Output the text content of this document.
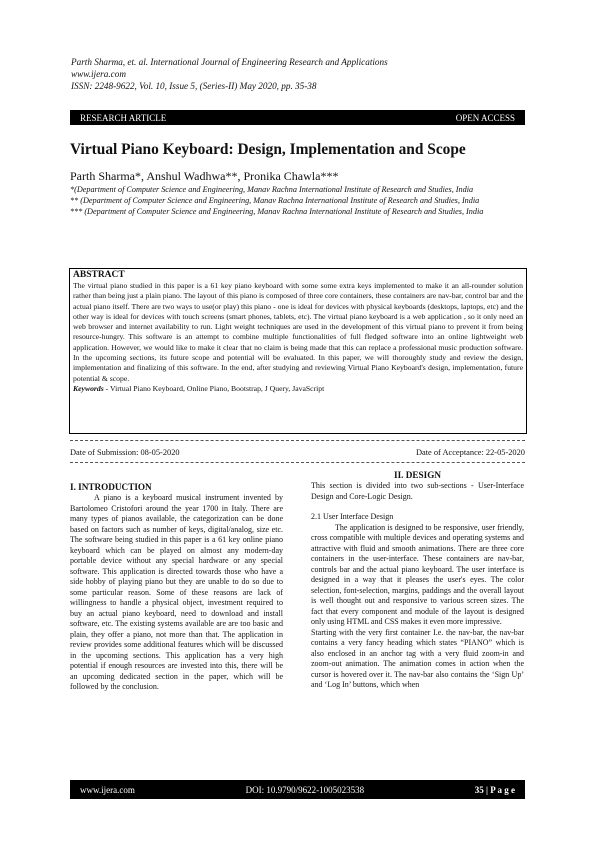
Parth Sharma, et. al. International Journal of Engineering Research and Applications
www.ijera.com
ISSN: 2248-9622, Vol. 10, Issue 5, (Series-II) May 2020, pp. 35-38
RESEARCH ARTICLE	OPEN ACCESS
Virtual Piano Keyboard: Design, Implementation and Scope
Parth Sharma*, Anshul Wadhwa**, Pronika Chawla***
*(Department of Computer Science and Engineering, Manav Rachna International Institute of Research and Studies, India
** (Department of Computer Science and Engineering, Manav Rachna International Institute of Research and Studies, India
*** (Department of Computer Science and Engineering, Manav Rachna International Institute of Research and Studies, India
ABSTRACT
The virtual piano studied in this paper is a 61 key piano keyboard with some some extra keys implemented to make it an all-rounder solution rather than being just a plain piano. The layout of this piano is composed of three core containers, these containers are nav-bar, control bar and the actual piano itself. There are two ways to use(or play) this piano - one is ideal for devices with physical keyboards (desktops, laptops, etc) and the other way is ideal for devices with touch screens (smart phones, tablets, etc). The virtual piano keyboard is a web application , so it only need an web browser and internet availability to run. Light weight techniques are used in the development of this virtual piano to prevent it from being resource-hungry. This software is an attempt to combine multiple functionalities of full fledged software into an online lightweight web application. However, we would like to make it clear that no claim is being made that this can replace a professional music production software. In the upcoming sections, its future scope and potential will be evaluated. In this paper, we will thoroughly study and review the design, implementation and finalizing of this software. In the end, after studying and reviewing Virtual Piano Keyboard's design, implementation, future potential & scope.
Keywords - Virtual Piano Keyboard, Online Piano, Bootstrap, J Query, JavaScript
Date of Submission: 08-05-2020	Date of Acceptance: 22-05-2020
I. INTRODUCTION
A piano is a keyboard musical instrument invented by Bartolomeo Cristofori around the year 1700 in Italy. There are many types of pianos available, the categorization can be done based on factors such as number of keys, digital/analog, size etc. The software being studied in this paper is a 61 key online piano keyboard which can be played on almost any modern-day portable device without any special hardware or any special software. This application is directed towards those who have a side hobby of playing piano but they are unable to do so due to some particular reason. Some of these reasons are lack of willingness to handle a physical object, investment required to buy an actual piano keyboard, need to download and install software, etc. The existing systems available are are too basic and plain, they offer a piano, not more than that. The application in review provides some additional features which will be discussed in the upcoming sections. This application has a very high potential if enough resources are invested into this, there will be an upcoming dedicated section in the paper, which will be followed by the conclusion.
II. DESIGN
This section is divided into two sub-sections - User-Interface Design and Core-Logic Design.
2.1 User Interface Design
The application is designed to be responsive, user friendly, cross compatible with multiple devices and operating systems and attractive with fluid and smooth animations. There are three core containers in the user-interface. These containers are nav-bar, controls bar and the actual piano keyboard. The user interface is designed in a way that it pleases the user's eyes. The color selection, font-selection, margins, paddings and the overall layout is well thought out and responsive to various screen sizes. The fact that every component and module of the layout is designed only using HTML and CSS makes it even more impressive.
Starting with the very first container I.e. the nav-bar, the nav-bar contains a very fancy heading which states “PIANO” which is also enclosed in an anchor tag with a very fluid zoom-in and zoom-out animation. The animation comes in action when the cursor is hovered over it. The nav-bar also contains the ‘Sign Up’ and ‘Log In’ buttons, which when
www.ijera.com	DOI: 10.9790/9622-1005023538	35 | P a g e
